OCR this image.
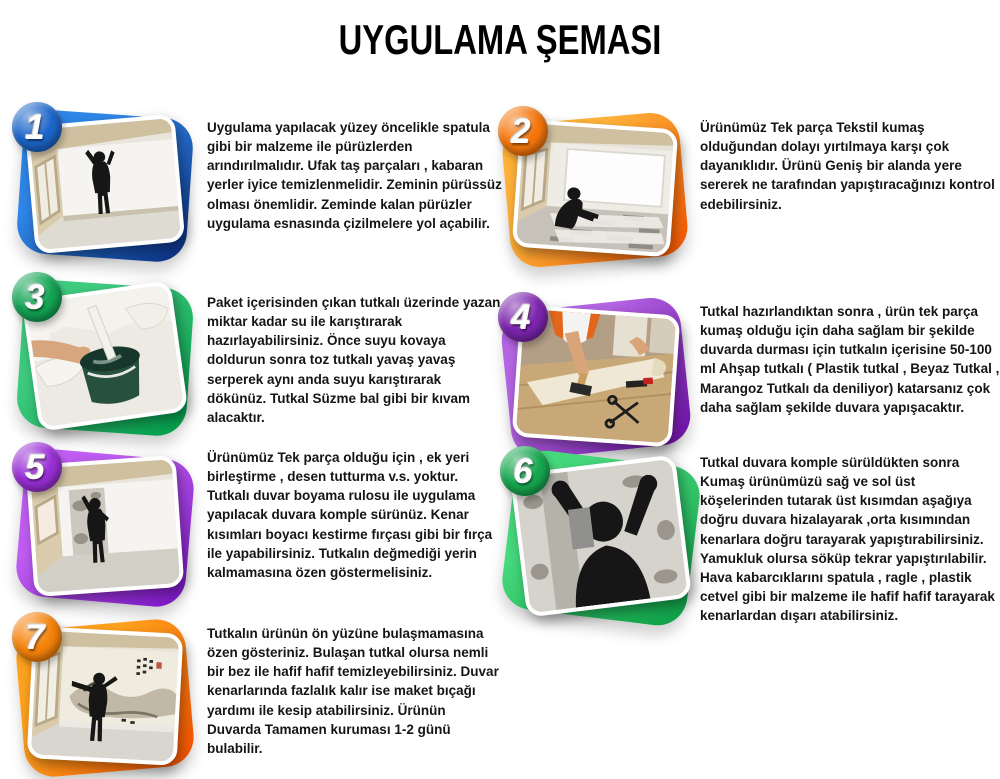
UYGULAMA ŞEMASI
1	Uygulama yapılacak yüzey öncelikle spatula gibi bir malzeme ile pürüzlerden arındırılmalıdır. Ufak taş parçaları , kabaran yerler iyice temizlenmelidir. Zeminin pürüssüz olması önemlidir. Zeminde kalan pürüzler uygulama esnasında çizilmelere yol açabilir.
2	Ürünümüz Tek parça Tekstil kumaş olduğundan dolayı yırtılmaya karşı çok dayanıklıdır. Ürünü Geniş bir alanda yere sererek ne tarafından yapıştıracağınızı kontrol edebilirsiniz.
3	Paket içerisinden çıkan tutkalı üzerinde yazan miktar kadar su ile karıştırarak hazırlayabilirsiniz. Önce suyu kovaya doldurun sonra toz tutkalı yavaş yavaş serperek aynı anda suyu karıştırarak dökünüz. Tutkal Süzme bal gibi bir kıvam alacaktır.
4	Tutkal hazırlandıktan sonra , ürün tek parça kumaş olduğu için daha sağlam bir şekilde duvarda durması için tutkalın içerisine 50-100 ml Ahşap tutkalı ( Plastik tutkal , Beyaz Tutkal , Marangoz Tutkalı da deniliyor) katarsanız çok daha sağlam şekilde duvara yapışacaktır.
5	Ürünümüz Tek parça olduğu için , ek yeri birleştirme , desen tutturma v.s. yoktur. Tutkalı duvar boyama rulosu ile uygulama yapılacak duvara komple sürünüz. Kenar kısımları boyacı kestirme fırçası gibi bir fırça ile yapabilirsiniz. Tutkalın değmediği yerin kalmamasına özen göstermelisiniz.
6	Tutkal duvara komple sürüldükten sonra Kumaş ürünümüzü sağ ve sol üst köşelerinden tutarak üst kısımdan aşağıya doğru duvara hizalayarak ,orta kısımından kenarlara doğru tarayarak yapıştırabilirsiniz. Yamukluk olursa söküp tekrar yapıştırılabilir. Hava kabarcıklarını spatula , ragle , plastik cetvel gibi bir malzeme ile hafif hafif tarayarak kenarlardan dışarı atabilirsiniz.
7	Tutkalın ürünün ön yüzüne bulaşmamasına özen gösteriniz. Bulaşan tutkal olursa nemli bir bez ile hafif hafif temizleyebilirsiniz. Duvar kenarlarında fazlalık kalır ise maket bıçağı yardımı ile kesip atabilirsiniz. Ürünün Duvarda Tamamen kuruması 1-2 günü bulabilir.
